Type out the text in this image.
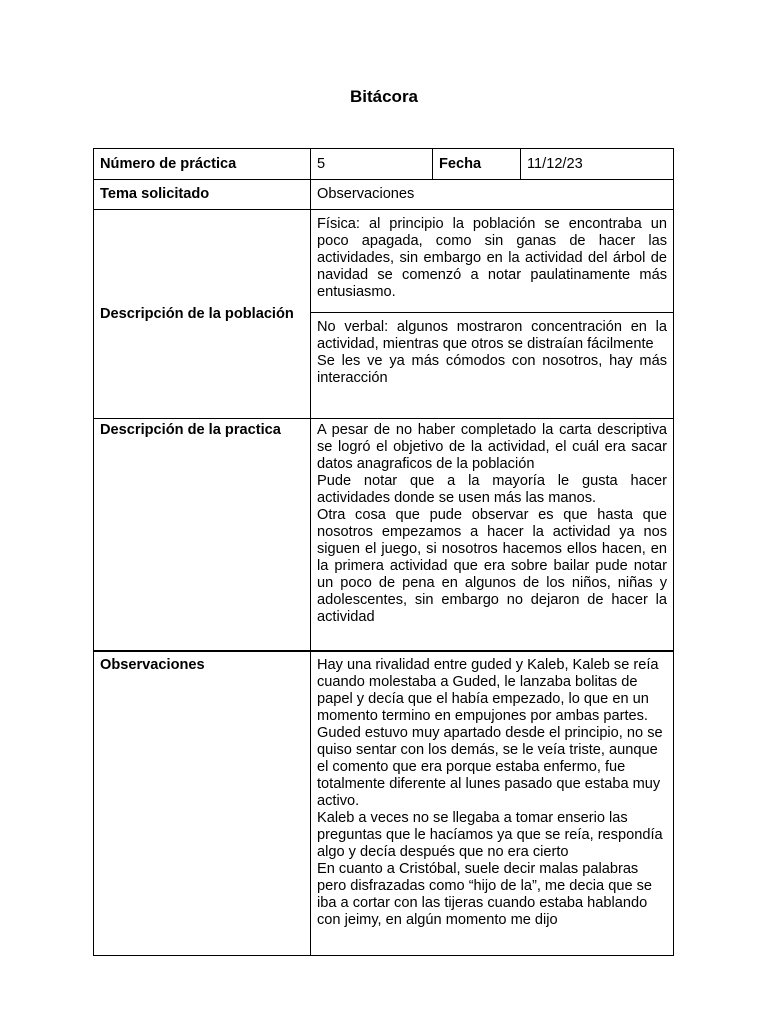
Bitácora
Número de práctica	5	Fecha	11/12/23
Tema solicitado	Observaciones		
Descripción de la población	Física: al principio la población se encontraba un poco apagada, como sin ganas de hacer las actividades, sin embargo en la actividad del árbol de navidad se comenzó a notar paulatinamente más entusiasmo.		

	No verbal: algunos mostraron concentración en la actividad, mientras que otros se distraían fácilmente
Se les ve ya más cómodos con nosotros, hay más interacción		

Descripción de la practica	A pesar de no haber completado la carta descriptiva se logró el objetivo de la actividad, el cuál era sacar datos anagraficos de la población
Pude notar que a la mayoría le gusta hacer actividades donde se usen más las manos.
Otra cosa que pude observar es que hasta que nosotros empezamos a hacer la actividad ya nos siguen el juego, si nosotros hacemos ellos hacen, en la primera actividad que era sobre bailar pude notar un poco de pena en algunos de los niños, niñas y adolescentes, sin embargo no dejaron de hacer la actividad		

Observaciones	Hay una rivalidad entre guded y Kaleb, Kaleb se reía cuando molestaba a Guded, le lanzaba bolitas de papel y decía que el había empezado, lo que en un momento termino en empujones por ambas partes.
Guded estuvo muy apartado desde el principio, no se quiso sentar con los demás, se le veía triste, aunque el comento que era porque estaba enfermo, fue totalmente diferente al lunes pasado que estaba muy activo.
Kaleb a veces no se llegaba a tomar enserio las preguntas que le hacíamos ya que se reía, respondía algo y decía después que no era cierto
En cuanto a Cristóbal, suele decir malas palabras pero disfrazadas como “hijo de la”, me decia que se iba a cortar con las tijeras cuando estaba hablando con jeimy, en algún momento me dijo		
